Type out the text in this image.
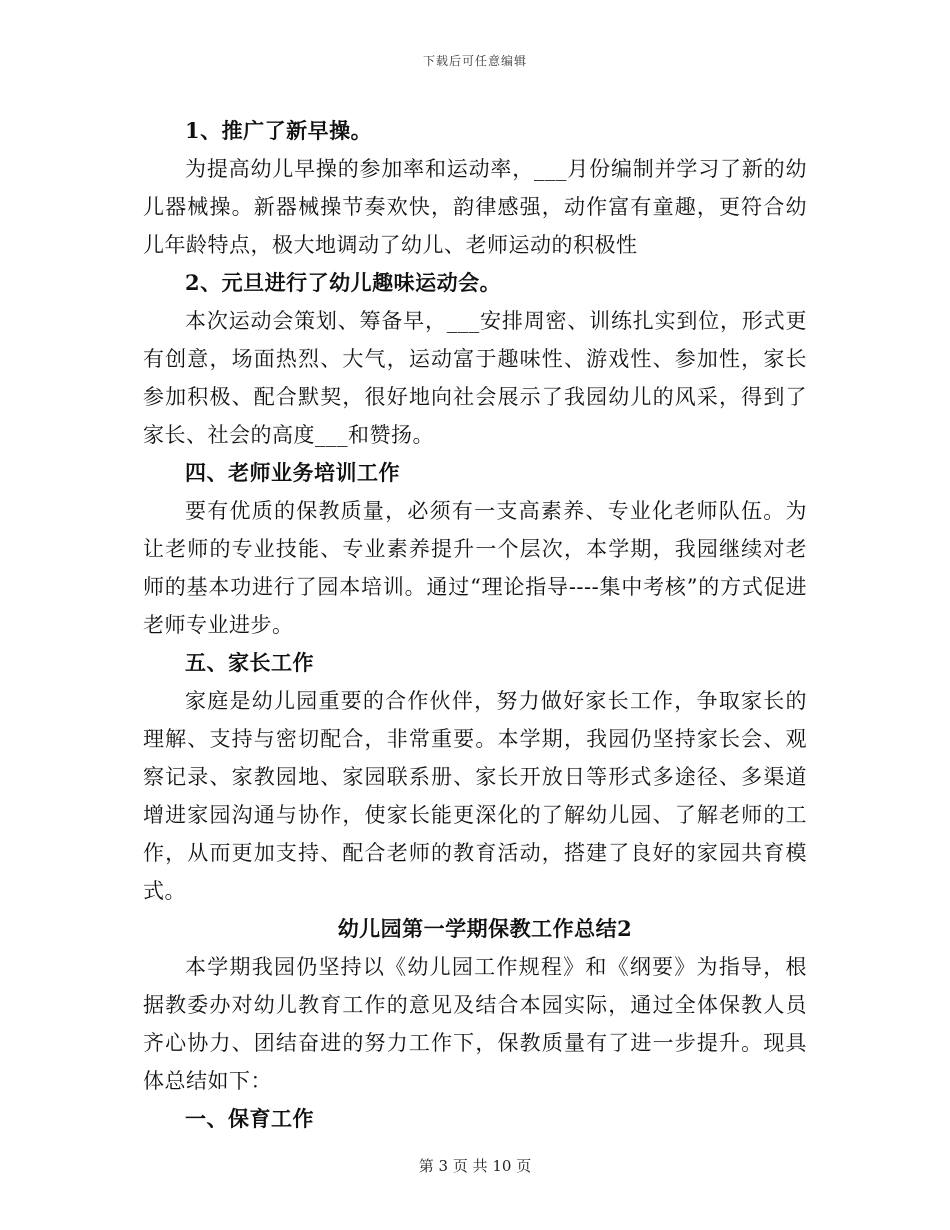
下载后可任意编辑

1、推广了新早操。

为提高幼儿早操的参加率和运动率，___月份编制并学习了新的幼儿器械操。新器械操节奏欢快，韵律感强，动作富有童趣，更符合幼儿年龄特点，极大地调动了幼儿、老师运动的积极性

2、元旦进行了幼儿趣味运动会。

本次运动会策划、筹备早，___安排周密、训练扎实到位，形式更有创意，场面热烈、大气，运动富于趣味性、游戏性、参加性，家长参加积极、配合默契，很好地向社会展示了我园幼儿的风采，得到了家长、社会的高度___和赞扬。

四、老师业务培训工作

要有优质的保教质量，必须有一支高素养、专业化老师队伍。为让老师的专业技能、专业素养提升一个层次，本学期，我园继续对老师的基本功进行了园本培训。通过“理论指导----集中考核”的方式促进老师专业进步。

五、家长工作

家庭是幼儿园重要的合作伙伴，努力做好家长工作，争取家长的理解、支持与密切配合，非常重要。本学期，我园仍坚持家长会、观察记录、家教园地、家园联系册、家长开放日等形式多途径、多渠道增进家园沟通与协作，使家长能更深化的了解幼儿园、了解老师的工作，从而更加支持、配合老师的教育活动，搭建了良好的家园共育模式。

幼儿园第一学期保教工作总结2

本学期我园仍坚持以《幼儿园工作规程》和《纲要》为指导，根据教委办对幼儿教育工作的意见及结合本园实际，通过全体保教人员齐心协力、团结奋进的努力工作下，保教质量有了进一步提升。现具体总结如下：

一、保育工作

第 3 页 共 10 页
